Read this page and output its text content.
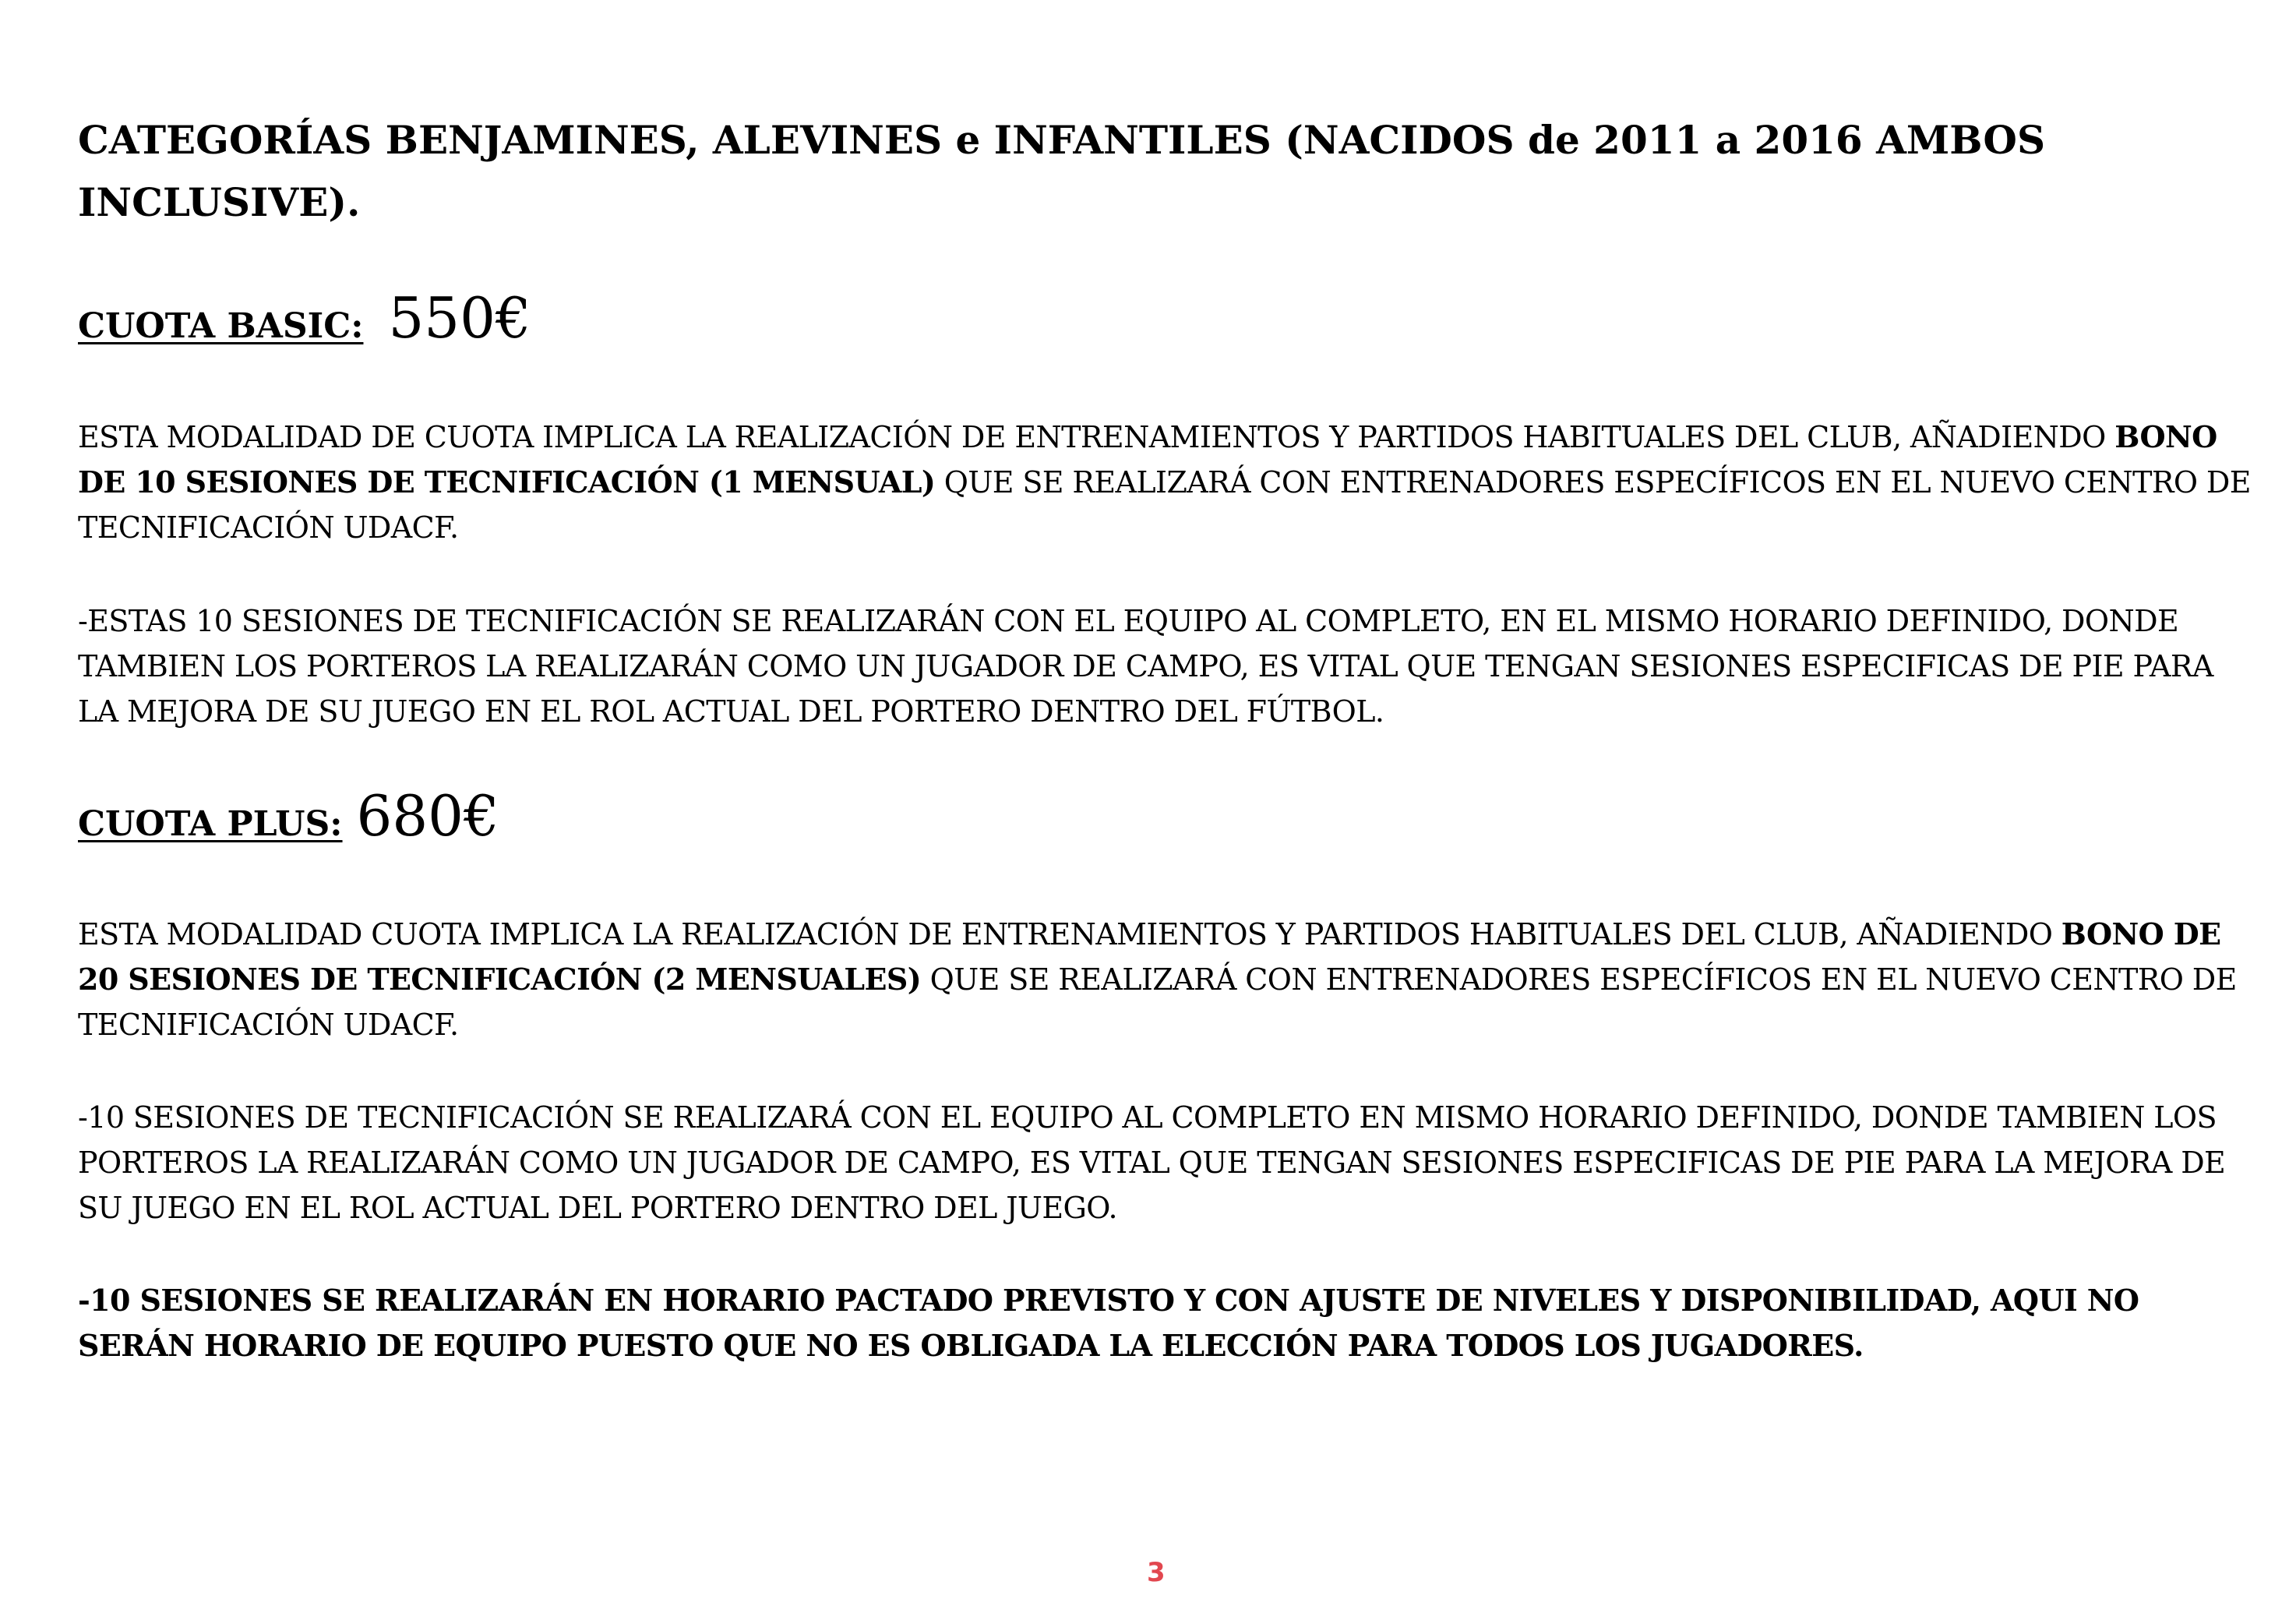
CATEGORÍAS BENJAMINES, ALEVINES e INFANTILES (NACIDOS de 2011 a 2016 AMBOS

INCLUSIVE).

CUOTA BASIC: 550€

ESTA MODALIDAD DE CUOTA IMPLICA LA REALIZACIÓN DE ENTRENAMIENTOS Y PARTIDOS HABITUALES DEL CLUB, AÑADIENDO BONO DE 10 SESIONES DE TECNIFICACIÓN (1 MENSUAL) QUE SE REALIZARÁ CON ENTRENADORES ESPECÍFICOS EN EL NUEVO CENTRO DE TECNIFICACIÓN UDACF.

-ESTAS 10 SESIONES DE TECNIFICACIÓN SE REALIZARÁN CON EL EQUIPO AL COMPLETO, EN EL MISMO HORARIO DEFINIDO, DONDE TAMBIEN LOS PORTEROS LA REALIZARÁN COMO UN JUGADOR DE CAMPO, ES VITAL QUE TENGAN SESIONES ESPECIFICAS DE PIE PARA LA MEJORA DE SU JUEGO EN EL ROL ACTUAL DEL PORTERO DENTRO DEL FÚTBOL.

CUOTA PLUS: 680€

ESTA MODALIDAD CUOTA IMPLICA LA REALIZACIÓN DE ENTRENAMIENTOS Y PARTIDOS HABITUALES DEL CLUB, AÑADIENDO BONO DE 20 SESIONES DE TECNIFICACIÓN (2 MENSUALES) QUE SE REALIZARÁ CON ENTRENADORES ESPECÍFICOS EN EL NUEVO CENTRO DE TECNIFICACIÓN UDACF.

-10 SESIONES DE TECNIFICACIÓN SE REALIZARÁ CON EL EQUIPO AL COMPLETO EN MISMO HORARIO DEFINIDO, DONDE TAMBIEN LOS PORTEROS LA REALIZARÁN COMO UN JUGADOR DE CAMPO, ES VITAL QUE TENGAN SESIONES ESPECIFICAS DE PIE PARA LA MEJORA DE SU JUEGO EN EL ROL ACTUAL DEL PORTERO DENTRO DEL JUEGO.

-10 SESIONES SE REALIZARÁN EN HORARIO PACTADO PREVISTO Y CON AJUSTE DE NIVELES Y DISPONIBILIDAD, AQUI NO SERÁN HORARIO DE EQUIPO PUESTO QUE NO ES OBLIGADA LA ELECCIÓN PARA TODOS LOS JUGADORES.

3
